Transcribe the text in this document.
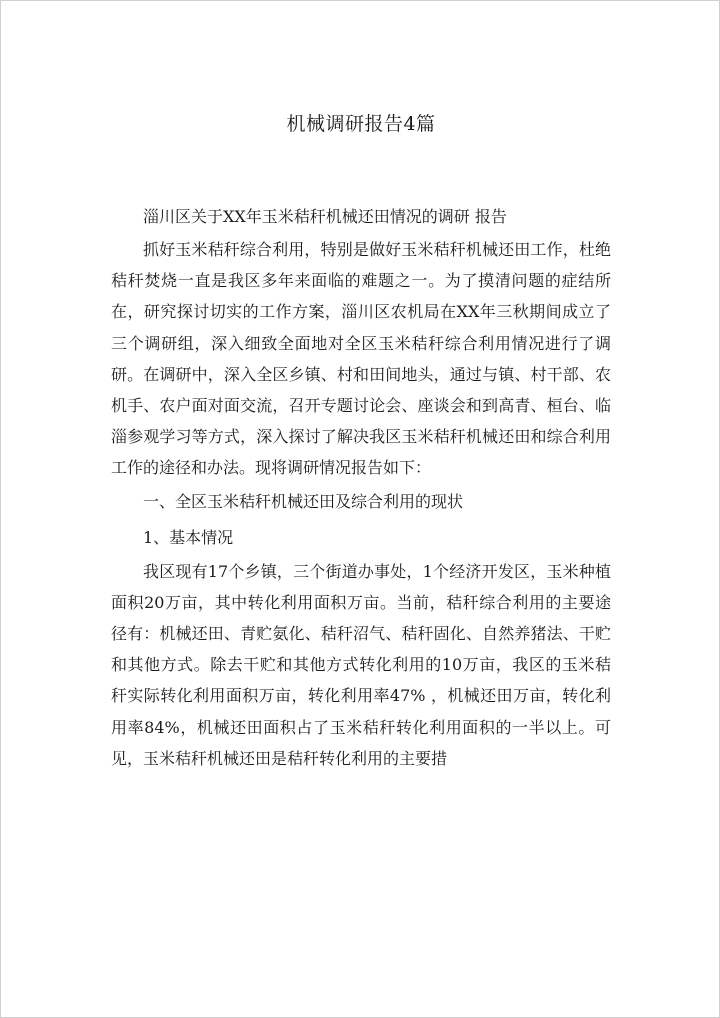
机械调研报告4篇

淄川区关于XX年玉米秸秆机械还田情况的调研 报告

抓好玉米秸秆综合利用，特别是做好玉米秸秆机械还田工作，杜绝秸秆焚烧一直是我区多年来面临的难题之一。为了摸清问题的症结所在，研究探讨切实的工作方案，淄川区农机局在XX年三秋期间成立了三个调研组，深入细致全面地对全区玉米秸秆综合利用情况进行了调研。在调研中，深入全区乡镇、村和田间地头，通过与镇、村干部、农机手、农户面对面交流，召开专题讨论会、座谈会和到高青、桓台、临淄参观学习等方式，深入探讨了解决我区玉米秸秆机械还田和综合利用工作的途径和办法。现将调研情况报告如下：

一、全区玉米秸秆机械还田及综合利用的现状

1、基本情况

我区现有17个乡镇，三个街道办事处，1个经济开发区，玉米种植面积20万亩，其中转化利用面积万亩。当前，秸秆综合利用的主要途径有：机械还田、青贮氨化、秸秆沼气、秸秆固化、自然养猪法、干贮和其他方式。除去干贮和其他方式转化利用的10万亩，我区的玉米秸秆实际转化利用面积万亩，转化利用率47% ，机械还田万亩，转化利用率84%，机械还田面积占了玉米秸秆转化利用面积的一半以上。可见，玉米秸秆机械还田是秸秆转化利用的主要措
